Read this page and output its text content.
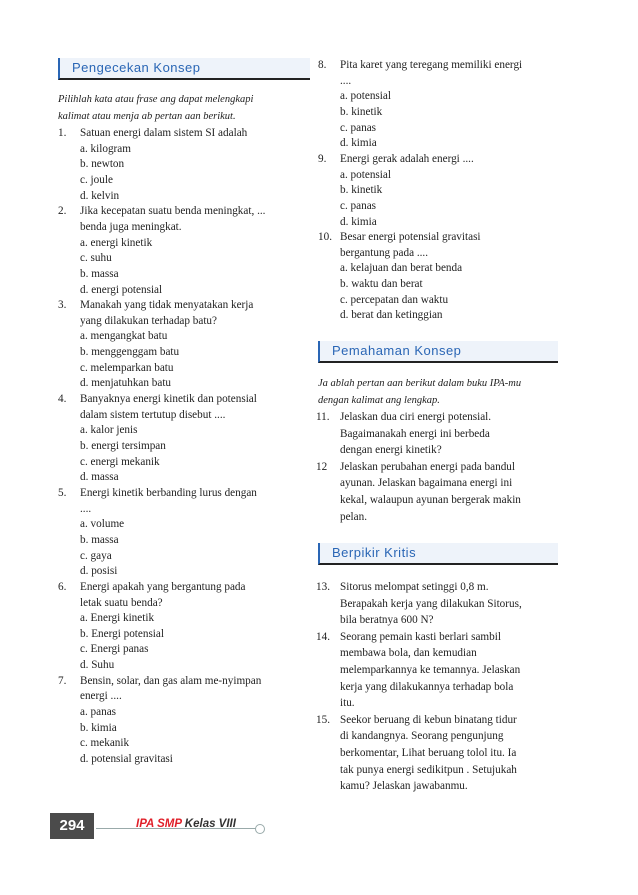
Pengecekan Konsep
Pilihlah kata atau frase ang dapat melengkapi
kalimat atau menja ab pertan aan berikut.
1. Satuan energi dalam sistem SI adalah
a. kilogram
b. newton
c. joule
d. kelvin
2. Jika kecepatan suatu benda meningkat, ...
benda juga meningkat.
a. energi kinetik
c. suhu
b. massa
d. energi potensial
3. Manakah yang tidak menyatakan kerja
yang dilakukan terhadap batu?
a. mengangkat batu
b. menggenggam batu
c. melemparkan batu
d. menjatuhkan batu
4. Banyaknya energi kinetik dan potensial
dalam sistem tertutup disebut ....
a. kalor jenis
b. energi tersimpan
c. energi mekanik
d. massa
5. Energi kinetik berbanding lurus dengan
....
a. volume
b. massa
c. gaya
d. posisi
6. Energi apakah yang bergantung pada
letak suatu benda?
a. Energi kinetik
b. Energi potensial
c. Energi panas
d. Suhu
7. Bensin, solar, dan gas alam me-nyimpan
energi ....
a. panas
b. kimia
c. mekanik
d. potensial gravitasi
8. Pita karet yang teregang memiliki energi
....
a. potensial
b. kinetik
c. panas
d. kimia
9. Energi gerak adalah energi ....
a. potensial
b. kinetik
c. panas
d. kimia
10. Besar energi potensial gravitasi
bergantung pada ....
a. kelajuan dan berat benda
b. waktu dan berat
c. percepatan dan waktu
d. berat dan ketinggian
Pemahaman Konsep
Ja ablah pertan aan berikut dalam buku IPA-mu
dengan kalimat ang lengkap.
11. Jelaskan dua ciri energi potensial.
Bagaimanakah energi ini berbeda
dengan energi kinetik?
12 Jelaskan perubahan energi pada bandul
ayunan. Jelaskan bagaimana energi ini
kekal, walaupun ayunan bergerak makin
pelan.
Berpikir Kritis
13. Sitorus melompat setinggi 0,8 m.
Berapakah kerja yang dilakukan Sitorus,
bila beratnya 600 N?
14. Seorang pemain kasti berlari sambil
membawa bola, dan kemudian
melemparkannya ke temannya. Jelaskan
kerja yang dilakukannya terhadap bola
itu.
15. Seekor beruang di kebun binatang tidur
di kandangnya. Seorang pengunjung
berkomentar, Lihat beruang tolol itu. Ia
tak punya energi sedikitpun . Setujukah
kamu? Jelaskan jawabanmu.
294	IPA SMP Kelas VIII
